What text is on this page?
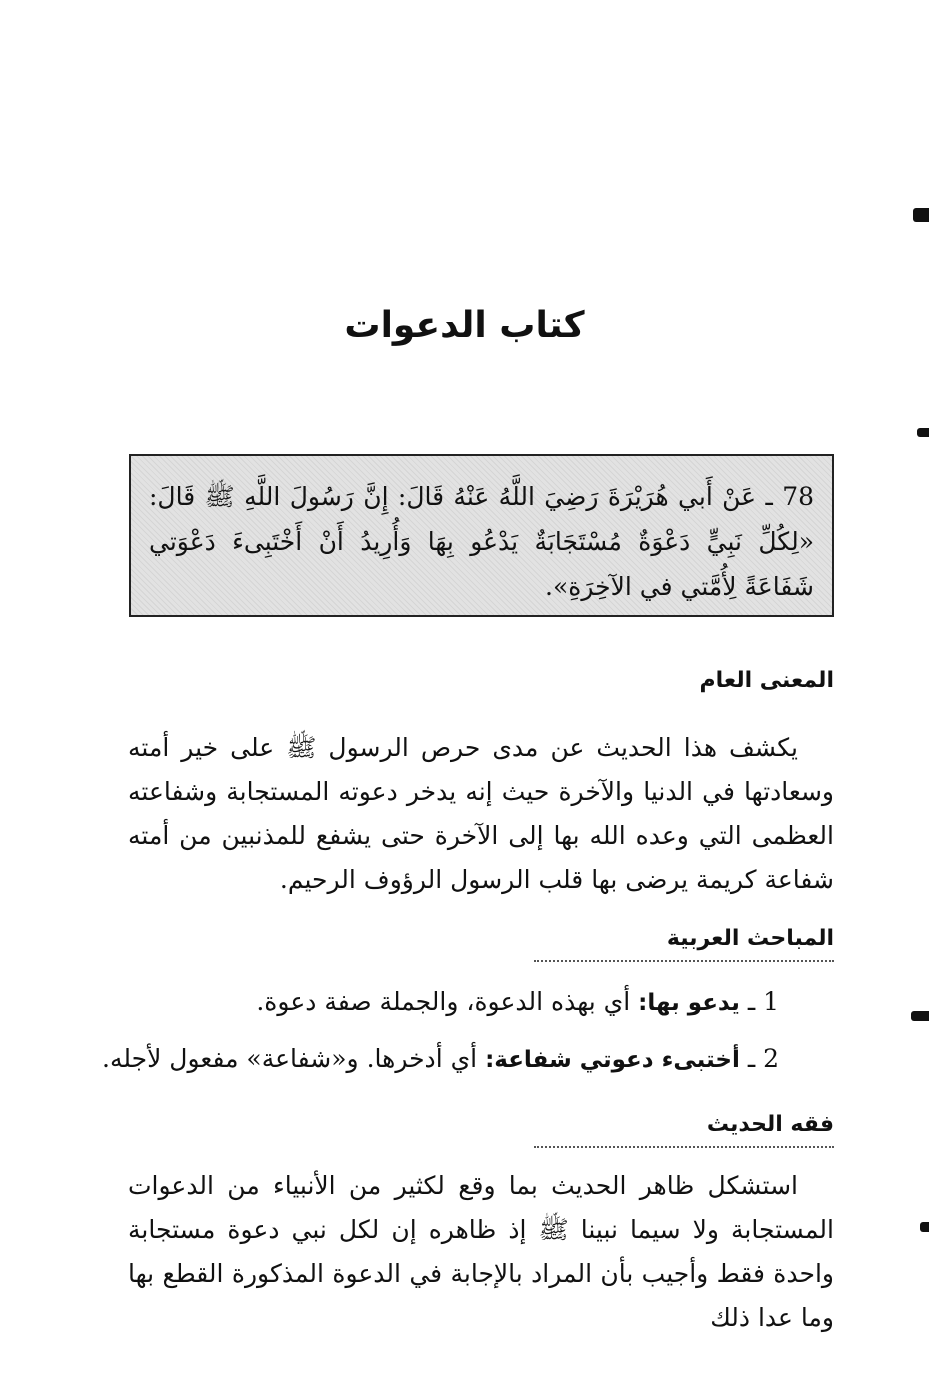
كتاب الدعوات
78 ـ عَنْ أَبي هُرَيْرَةَ رَضِيَ اللَّهُ عَنْهُ قَالَ: إِنَّ رَسُولَ اللَّهِ ﷺ قَالَ: «لِكُلِّ نَبِيٍّ دَعْوَةٌ مُسْتَجَابَةٌ يَدْعُو بِهَا وَأُرِيدُ أَنْ أَخْتَبِىءَ دَعْوَتي شَفَاعَةً لِأُمَّتي في الآخِرَةِ».
المعنى العام
يكشف هذا الحديث عن مدى حرص الرسول ﷺ على خير أمته وسعادتها في الدنيا والآخرة حيث إنه يدخر دعوته المستجابة وشفاعته العظمى التي وعده الله بها إلى الآخرة حتى يشفع للمذنبين من أمته شفاعة كريمة يرضى بها قلب الرسول الرؤوف الرحيم.
المباحث العربية
1 ـ يدعو بها: أي بهذه الدعوة، والجملة صفة دعوة.
2 ـ أختبىء دعوتي شفاعة: أي أدخرها. و«شفاعة» مفعول لأجله.
فقه الحديث
استشكل ظاهر الحديث بما وقع لكثير من الأنبياء من الدعوات المستجابة ولا سيما نبينا ﷺ إذ ظاهره إن لكل نبي دعوة مستجابة واحدة فقط وأجيب بأن المراد بالإجابة في الدعوة المذكورة القطع بها وما عدا ذلك
